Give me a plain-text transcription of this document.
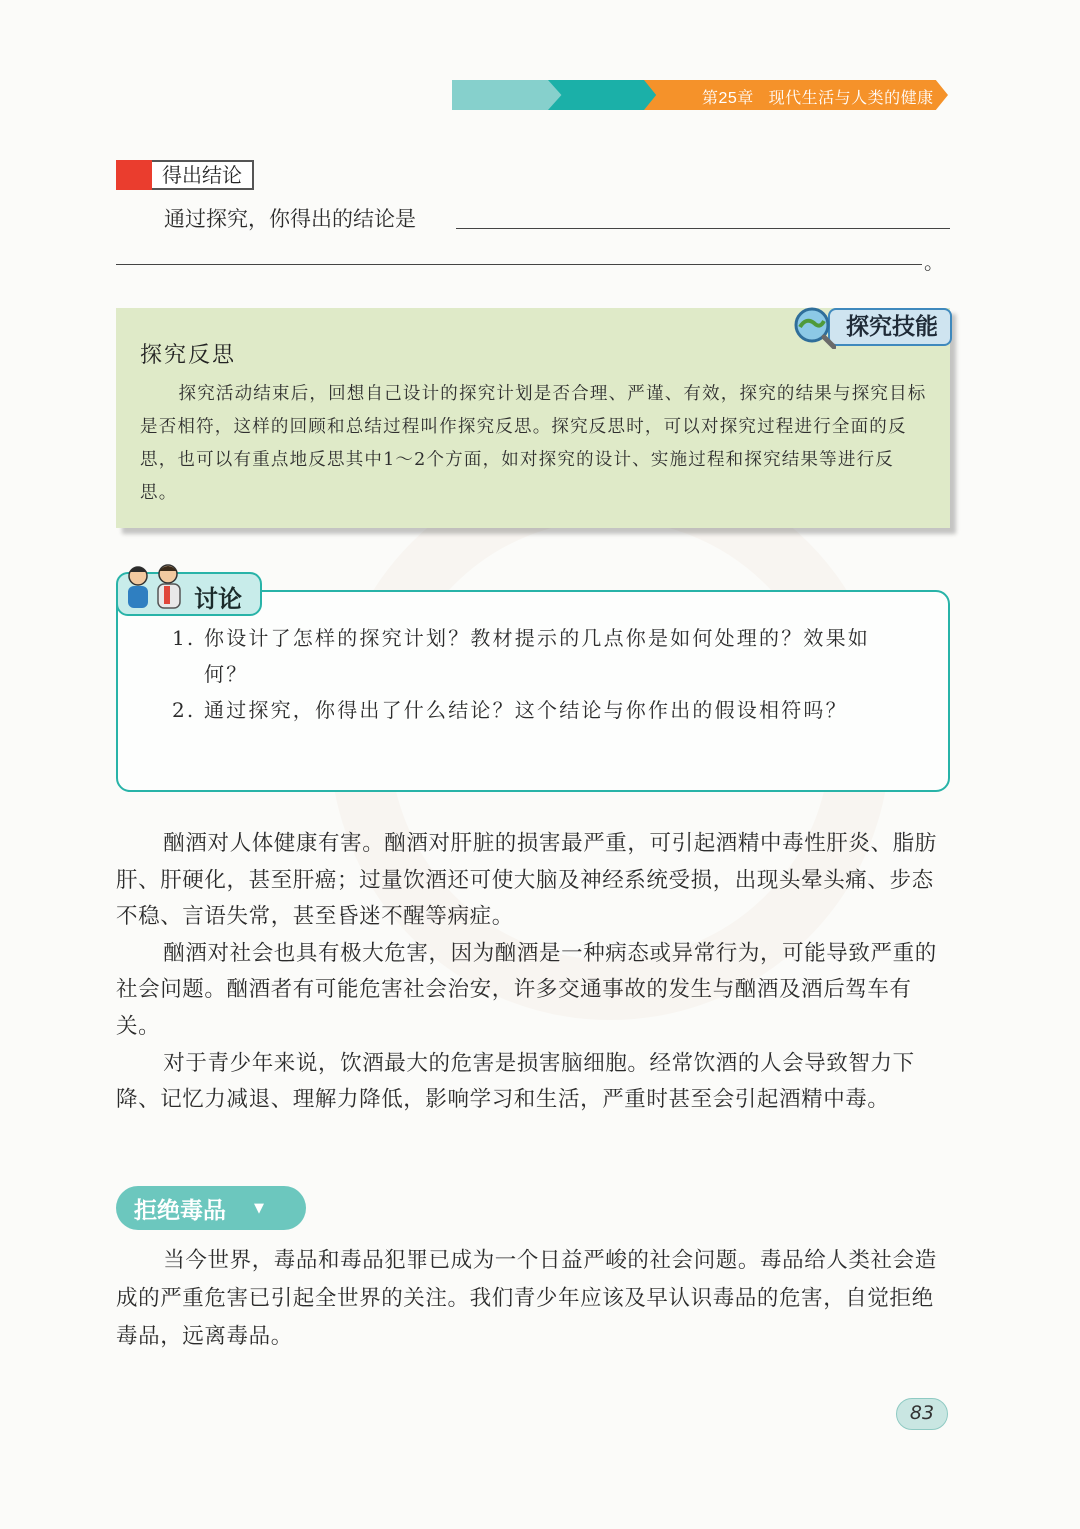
第25章 现代生活与人类的健康
得出结论
通过探究，你得出的结论是
。
探究技能
探究反思

探究活动结束后，回想自己设计的探究计划是否合理、严谨、有效，探究的结果与探究目标是否相符，这样的回顾和总结过程叫作探究反思。探究反思时，可以对探究过程进行全面的反思，也可以有重点地反思其中1～2个方面，如对探究的设计、实施过程和探究结果等进行反思。

讨论
1. 你设计了怎样的探究计划？教材提示的几点你是如何处理的？效果如何？
2. 通过探究，你得出了什么结论？这个结论与你作出的假设相符吗？

酗酒对人体健康有害。酗酒对肝脏的损害最严重，可引起酒精中毒性肝炎、脂肪肝、肝硬化，甚至肝癌；过量饮酒还可使大脑及神经系统受损，出现头晕头痛、步态不稳、言语失常，甚至昏迷不醒等病症。

酗酒对社会也具有极大危害，因为酗酒是一种病态或异常行为，可能导致严重的社会问题。酗酒者有可能危害社会治安，许多交通事故的发生与酗酒及酒后驾车有关。

对于青少年来说，饮酒最大的危害是损害脑细胞。经常饮酒的人会导致智力下降、记忆力减退、理解力降低，影响学习和生活，严重时甚至会引起酒精中毒。

拒绝毒品 ▼

当今世界，毒品和毒品犯罪已成为一个日益严峻的社会问题。毒品给人类社会造成的严重危害已引起全世界的关注。我们青少年应该及早认识毒品的危害，自觉拒绝毒品，远离毒品。

83
